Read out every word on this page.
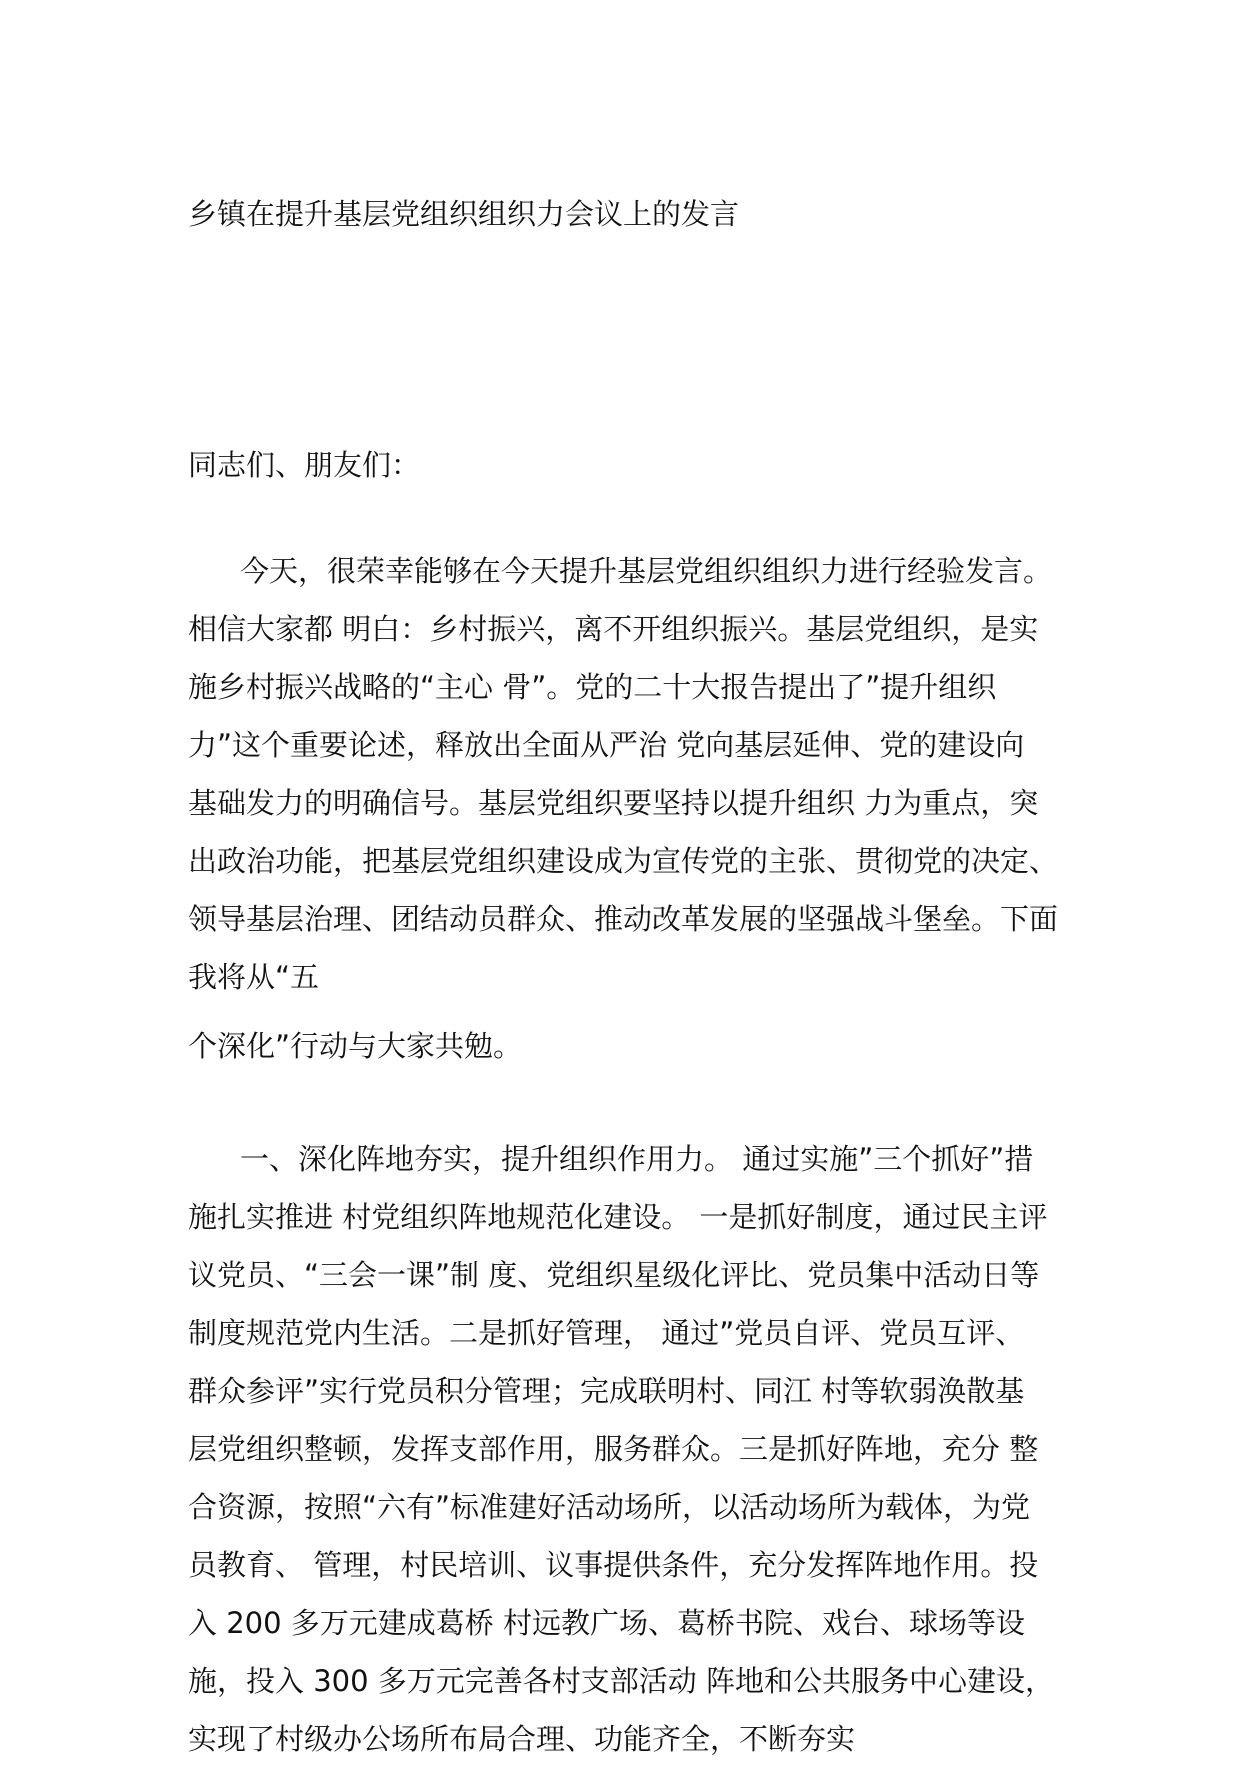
乡镇在提升基层党组织组织力会议上的发言

同志们、朋友们：

今天，很荣幸能够在今天提升基层党组织组织力进行经验发言。
相信大家都 明白：乡村振兴，离不开组织振兴。基层党组织，是实
施乡村振兴战略的“主心 骨”。党的二十大报告提出了”提升组织
力”这个重要论述，释放出全面从严治 党向基层延伸、党的建设向
基础发力的明确信号。基层党组织要坚持以提升组织 力为重点，突
出政治功能，把基层党组织建设成为宣传党的主张、贯彻党的决定、
领导基层治理、团结动员群众、推动改革发展的坚强战斗堡垒。下面
我将从“五
个深化”行动与大家共勉。
一、深化阵地夯实，提升组织作用力。 通过实施”三个抓好”措
施扎实推进 村党组织阵地规范化建设。 一是抓好制度，通过民主评
议党员、“三会一课”制 度、党组织星级化评比、党员集中活动日等
制度规范党内生活。二是抓好管理， 通过”党员自评、党员互评、
群众参评”实行党员积分管理；完成联明村、同江 村等软弱涣散基
层党组织整顿，发挥支部作用，服务群众。三是抓好阵地，充分 整
合资源，按照“六有”标准建好活动场所，以活动场所为载体，为党
员教育、 管理，村民培训、议事提供条件，充分发挥阵地作用。投
入 200 多万元建成葛桥 村远教广场、葛桥书院、戏台、球场等设
施，投入 300 多万元完善各村支部活动 阵地和公共服务中心建设，
实现了村级办公场所布局合理、功能齐全，不断夯实
